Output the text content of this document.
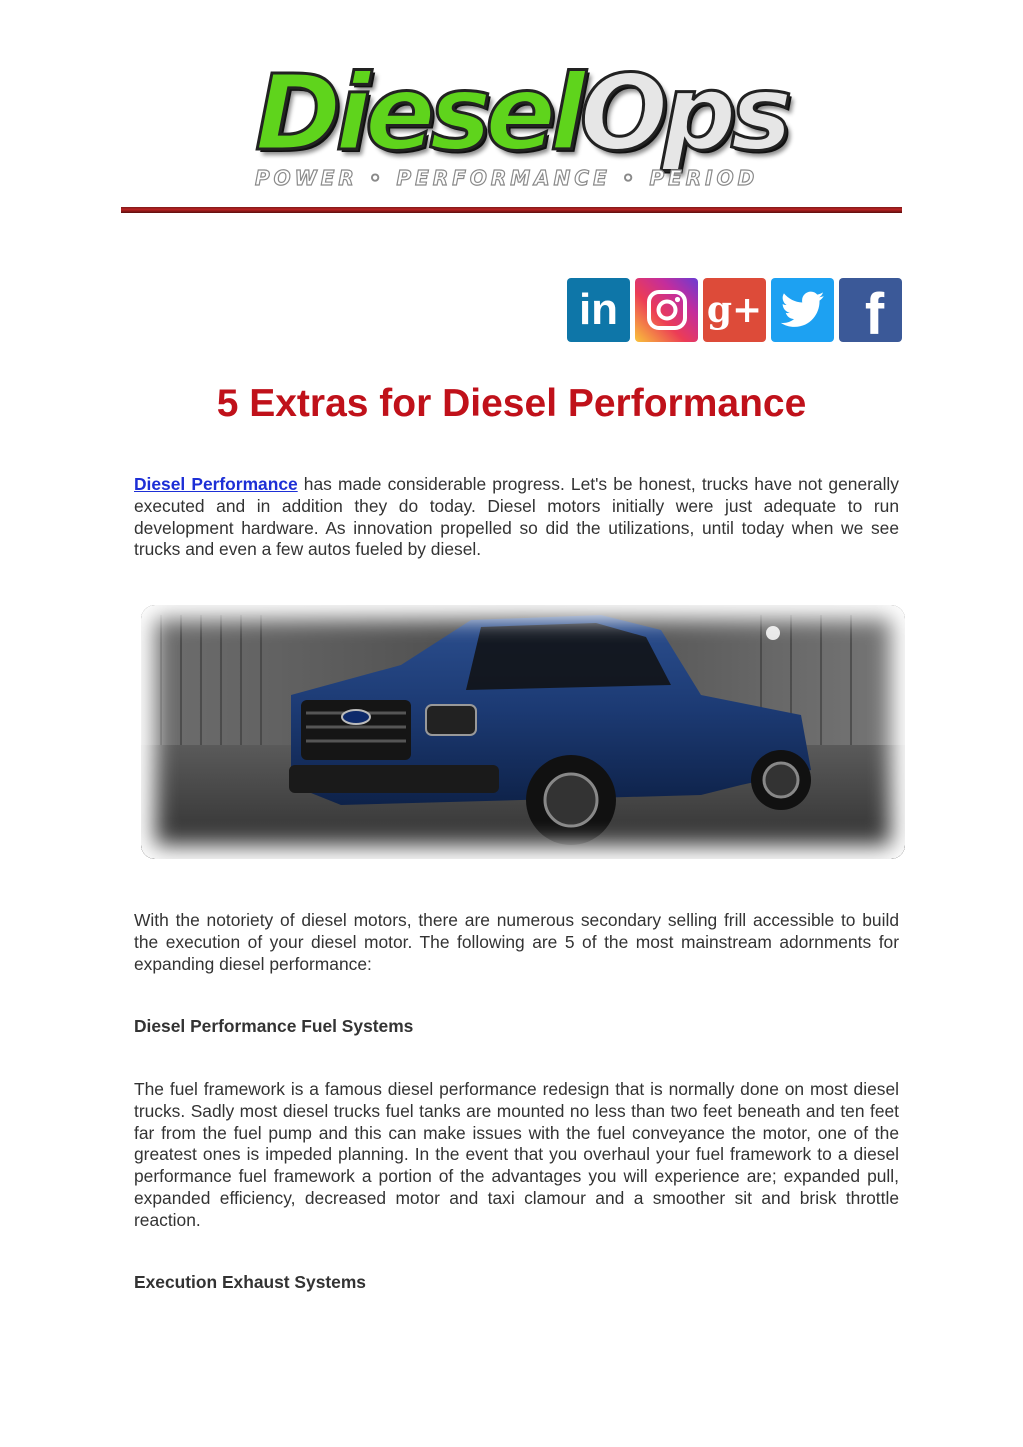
DieselOps
POWER ◦ PERFORMANCE ◦ PERIOD
in g+ f
5 Extras for Diesel Performance

Diesel Performance has made considerable progress. Let's be honest, trucks have not generally executed and in addition they do today. Diesel motors initially were just adequate to run development hardware. As innovation propelled so did the utilizations, until today when we see trucks and even a few autos fueled by diesel.

With the notoriety of diesel motors, there are numerous secondary selling frill accessible to build the execution of your diesel motor. The following are 5 of the most mainstream adornments for expanding diesel performance:

Diesel Performance Fuel Systems

The fuel framework is a famous diesel performance redesign that is normally done on most diesel trucks. Sadly most diesel trucks fuel tanks are mounted no less than two feet beneath and ten feet far from the fuel pump and this can make issues with the fuel conveyance the motor, one of the greatest ones is impeded planning. In the event that you overhaul your fuel framework to a diesel performance fuel framework a portion of the advantages you will experience are; expanded pull, expanded efficiency, decreased motor and taxi clamour and a smoother sit and brisk throttle reaction.

Execution Exhaust Systems
